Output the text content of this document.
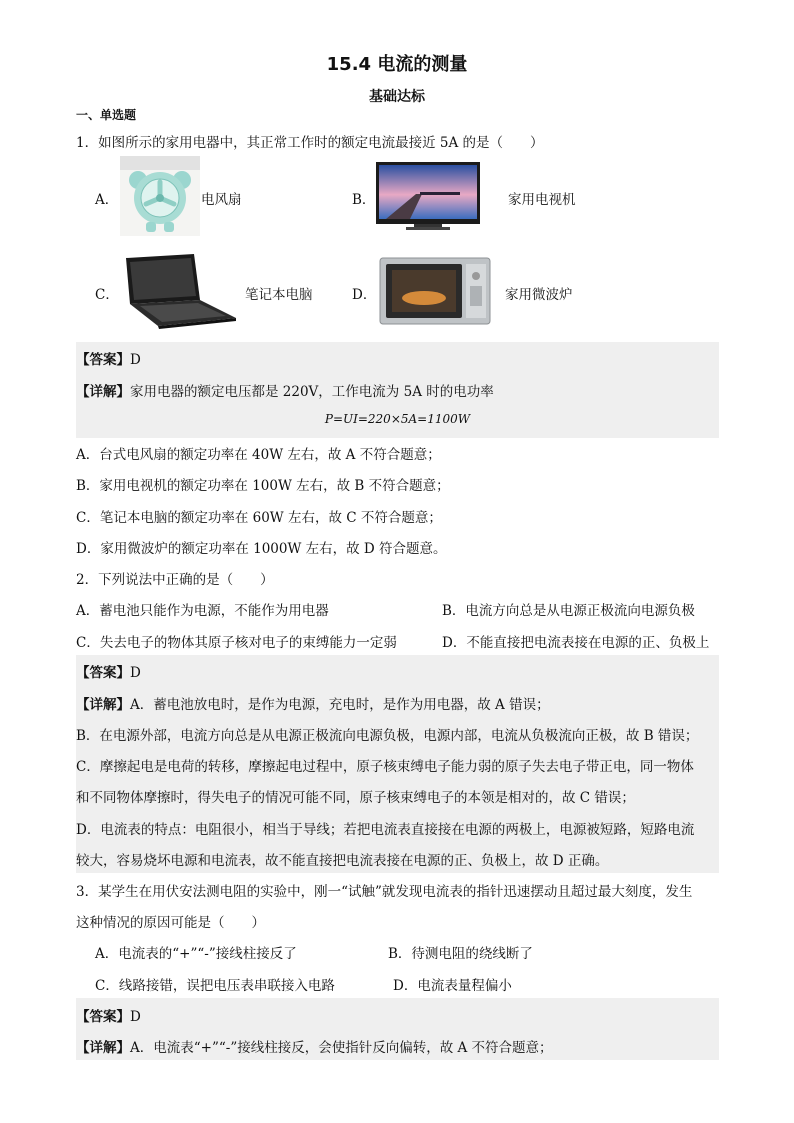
15.4 电流的测量
基础达标
一、单选题
1．如图所示的家用电器中，其正常工作时的额定电流最接近 5A 的是（　　）
A．	电风扇	B．	家用电视机
C．	笔记本电脑	D．	家用微波炉
【答案】D
【详解】家用电器的额定电压都是 220V，工作电流为 5A 时的电功率
P=UI=220×5A=1100W
A．台式电风扇的额定功率在 40W 左右，故 A 不符合题意；
B．家用电视机的额定功率在 100W 左右，故 B 不符合题意；
C．笔记本电脑的额定功率在 60W 左右，故 C 不符合题意；
D．家用微波炉的额定功率在 1000W 左右，故 D 符合题意。
2．下列说法中正确的是（　　）
A．蓄电池只能作为电源，不能作为用电器	B．电流方向总是从电源正极流向电源负极
C．失去电子的物体其原子核对电子的束缚能力一定弱	D．不能直接把电流表接在电源的正、负极上
【答案】D
【详解】A．蓄电池放电时，是作为电源，充电时，是作为用电器，故 A 错误；
B．在电源外部，电流方向总是从电源正极流向电源负极，电源内部，电流从负极流向正极，故 B 错误；
C．摩擦起电是电荷的转移，摩擦起电过程中，原子核束缚电子能力弱的原子失去电子带正电，同一物体
和不同物体摩擦时，得失电子的情况可能不同，原子核束缚电子的本领是相对的，故 C 错误；
D．电流表的特点：电阻很小，相当于导线；若把电流表直接接在电源的两极上，电源被短路，短路电流
较大，容易烧坏电源和电流表，故不能直接把电流表接在电源的正、负极上，故 D 正确。
3．某学生在用伏安法测电阻的实验中，刚一“试触”就发现电流表的指针迅速摆动且超过最大刻度，发生
这种情况的原因可能是（　　）
A．电流表的“+”“-”接线柱接反了	B．待测电阻的绕线断了
C．线路接错，误把电压表串联接入电路	D．电流表量程偏小
【答案】D
【详解】A．电流表“+”“-”接线柱接反，会使指针反向偏转，故 A 不符合题意；
